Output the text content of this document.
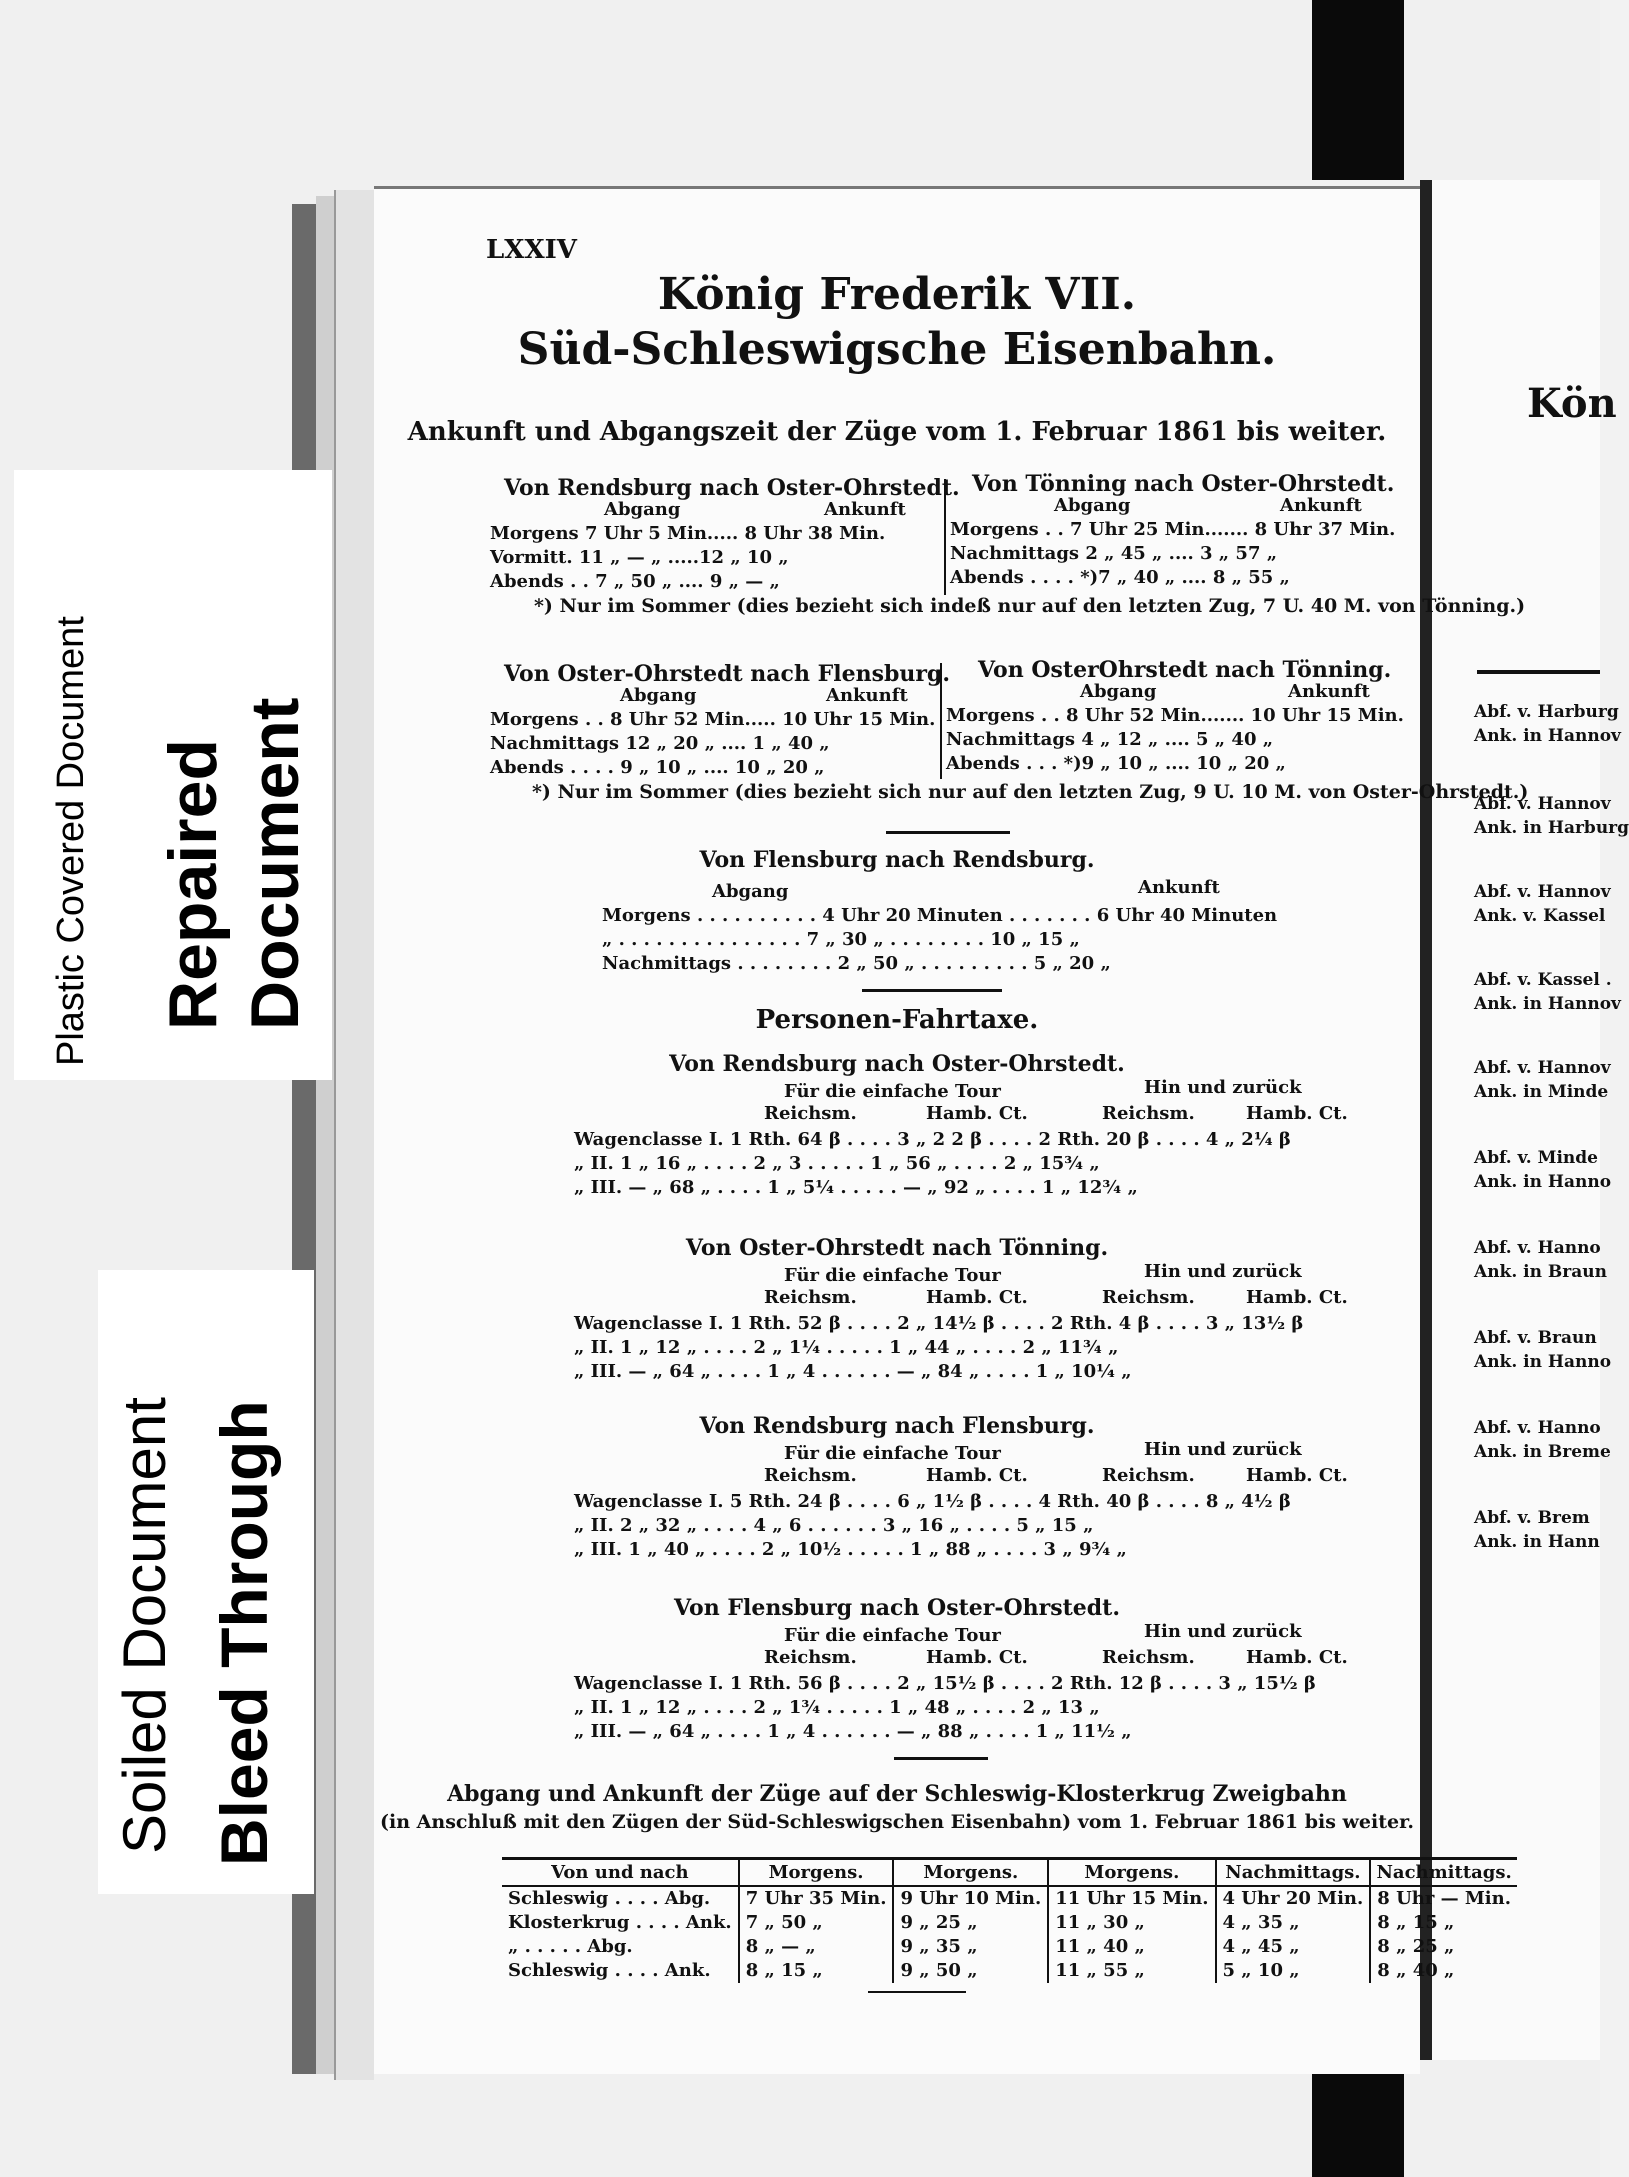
Kön
Abf. v. Harburg
Ank. in Hannov
Abf. v. Hannov
Ank. in Harburg
Abf. v. Hannov
Ank. v. Kassel
Abf. v. Kassel .
Ank. in Hannov
Abf. v. Hannov
Ank. in Minde
Abf. v. Minde
Ank. in Hanno
Abf. v. Hanno
Ank. in Braun
Abf. v. Braun
Ank. in Hanno
Abf. v. Hanno
Ank. in Breme
Abf. v. Brem
Ank. in Hann
LXXIV
König Frederik VII.
Süd-Schleswigsche Eisenbahn.
Ankunft und Abgangszeit der Züge vom 1. Februar 1861 bis weiter.
Von Rendsburg nach Oster-Ohrstedt.
Abgang	Ankunft
Morgens 7 Uhr 5 Min..... 8 Uhr 38 Min.
Vormitt. 11 „ — „ .....12 „ 10 „
Abends . . 7 „ 50 „ .... 9 „ — „
Von Tönning nach Oster-Ohrstedt.
Abgang	Ankunft
Morgens . . 7 Uhr 25 Min....... 8 Uhr 37 Min.
Nachmittags 2 „ 45 „ .... 3 „ 57 „
Abends . . . . *)7 „ 40 „ .... 8 „ 55 „
*) Nur im Sommer (dies bezieht sich indeß nur auf den letzten Zug, 7 U. 40 M. von Tönning.)
Von Oster-Ohrstedt nach Flensburg.
Abgang	Ankunft
Morgens . . 8 Uhr 52 Min..... 10 Uhr 15 Min.
Nachmittags 12 „ 20 „ .... 1 „ 40 „
Abends . . . . 9 „ 10 „ .... 10 „ 20 „
Von OsterOhrstedt nach Tönning.
Abgang	Ankunft
Morgens . . 8 Uhr 52 Min....... 10 Uhr 15 Min.
Nachmittags 4 „ 12 „ .... 5 „ 40 „
Abends . . . *)9 „ 10 „ .... 10 „ 20 „
*) Nur im Sommer (dies bezieht sich nur auf den letzten Zug, 9 U. 10 M. von Oster-Ohrstedt.)
Von Flensburg nach Rendsburg.
Abgang	Ankunft
Morgens . . . . . . . . . . 4 Uhr 20 Minuten . . . . . . . 6 Uhr 40 Minuten
„ . . . . . . . . . . . . . . . 7 „ 30 „ . . . . . . . . 10 „ 15 „
Nachmittags . . . . . . . . 2 „ 50 „ . . . . . . . . . 5 „ 20 „
Personen-Fahrtaxe.
Von Rendsburg nach Oster-Ohrstedt.
Für die einfache Tour	Hin und zurück
Reichsm.	Hamb. Ct.	Reichsm.	Hamb. Ct.
Wagenclasse I. 1 Rth. 64 β . . . . 3 „ 2 2 β . . . . 2 Rth. 20 β . . . . 4 „ 2¼ β
„ II. 1 „ 16 „ . . . . 2 „ 3 . . . . . 1 „ 56 „ . . . . 2 „ 15¾ „
„ III. — „ 68 „ . . . . 1 „ 5¼ . . . . . — „ 92 „ . . . . 1 „ 12¾ „
Von Oster-Ohrstedt nach Tönning.
Für die einfache Tour	Hin und zurück
Reichsm.	Hamb. Ct.	Reichsm.	Hamb. Ct.
Wagenclasse I. 1 Rth. 52 β . . . . 2 „ 14½ β . . . . 2 Rth. 4 β . . . . 3 „ 13½ β
„ II. 1 „ 12 „ . . . . 2 „ 1¼ . . . . . 1 „ 44 „ . . . . 2 „ 11¾ „
„ III. — „ 64 „ . . . . 1 „ 4 . . . . . . — „ 84 „ . . . . 1 „ 10¼ „
Von Rendsburg nach Flensburg.
Für die einfache Tour	Hin und zurück
Reichsm.	Hamb. Ct.	Reichsm.	Hamb. Ct.
Wagenclasse I. 5 Rth. 24 β . . . . 6 „ 1½ β . . . . 4 Rth. 40 β . . . . 8 „ 4½ β
„ II. 2 „ 32 „ . . . . 4 „ 6 . . . . . . 3 „ 16 „ . . . . 5 „ 15 „
„ III. 1 „ 40 „ . . . . 2 „ 10½ . . . . . 1 „ 88 „ . . . . 3 „ 9¾ „
Von Flensburg nach Oster-Ohrstedt.
Für die einfache Tour	Hin und zurück
Reichsm.	Hamb. Ct.	Reichsm.	Hamb. Ct.
Wagenclasse I. 1 Rth. 56 β . . . . 2 „ 15½ β . . . . 2 Rth. 12 β . . . . 3 „ 15½ β
„ II. 1 „ 12 „ . . . . 2 „ 1¾ . . . . . 1 „ 48 „ . . . . 2 „ 13 „
„ III. — „ 64 „ . . . . 1 „ 4 . . . . . . — „ 88 „ . . . . 1 „ 11½ „
Abgang und Ankunft der Züge auf der Schleswig-Klosterkrug Zweigbahn
(in Anschluß mit den Zügen der Süd-Schleswigschen Eisenbahn) vom 1. Februar 1861 bis weiter.
Von und nach	Morgens.	Morgens.	Morgens.	Nachmittags.	Nachmittags.
Schleswig . . . . Abg.	7 Uhr 35 Min.	9 Uhr 10 Min.	11 Uhr 15 Min.	4 Uhr 20 Min.	8 Uhr — Min.
Klosterkrug . . . . Ank.	7 „ 50 „	9 „ 25 „	11 „ 30 „	4 „ 35 „	8 „ 15 „
„ . . . . . Abg.	8 „ — „	9 „ 35 „	11 „ 40 „	4 „ 45 „	8 „ 25 „
Schleswig . . . . Ank.	8 „ 15 „	9 „ 50 „	11 „ 55 „	5 „ 10 „	8 „ 40 „
Plastic Covered Document Repaired Document
Soiled Document Bleed Through
